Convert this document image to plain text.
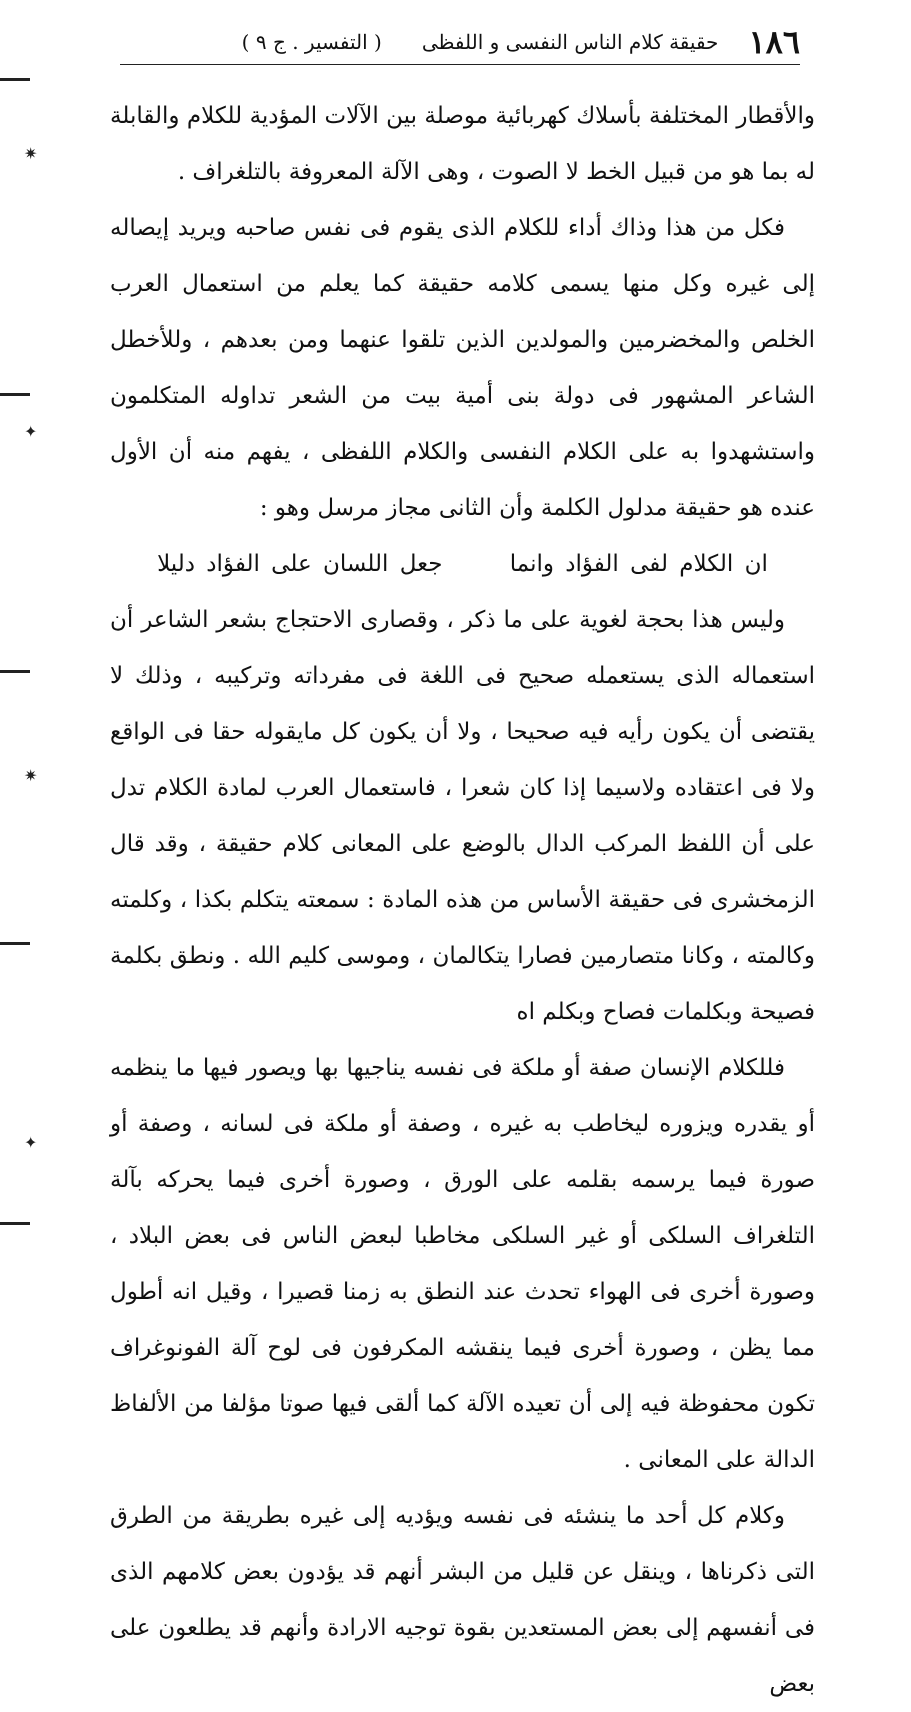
✷
✦
✷
✦
١٨٦
حقيقة كلام الناس النفسى و اللفظى
( التفسير . ج ٩ )

والأقطار المختلفة بأسلاك كهربائية موصلة بين الآلات المؤدية للكلام والقابلة له بما هو من قبيل الخط لا الصوت ، وهى الآلة المعروفة بالتلغراف .

فكل من هذا وذاك أداء للكلام الذى يقوم فى نفس صاحبه ويريد إيصاله إلى غيره وكل منها يسمى كلامه حقيقة كما يعلم من استعمال العرب الخلص والمخضرمين والمولدين الذين تلقوا عنهما ومن بعدهم ، وللأخطل الشاعر المشهور فى دولة بنى أمية بيت من الشعر تداوله المتكلمون واستشهدوا به على الكلام النفسى والكلام اللفظى ، يفهم منه أن الأول عنده هو حقيقة مدلول الكلمة وأن الثانى مجاز مرسل وهو :

ان الكلام لفى الفؤاد وانما جعل اللسان على الفؤاد دليلا

وليس هذا بحجة لغوية على ما ذكر ، وقصارى الاحتجاج بشعر الشاعر أن استعماله الذى يستعمله صحيح فى اللغة فى مفرداته وتركيبه ، وذلك لا يقتضى أن يكون رأيه فيه صحيحا ، ولا أن يكون كل مايقوله حقا فى الواقع ولا فى اعتقاده ولاسيما إذا كان شعرا ، فاستعمال العرب لمادة الكلام تدل على أن اللفظ المركب الدال بالوضع على المعانى كلام حقيقة ، وقد قال الزمخشرى فى حقيقة الأساس من هذه المادة : سمعته يتكلم بكذا ، وكلمته وكالمته ، وكانا متصارمين فصارا يتكالمان ، وموسى كليم الله . ونطق بكلمة فصيحة وبكلمات فصاح وبكلم اه

فللكلام الإنسان صفة أو ملكة فى نفسه يناجيها بها ويصور فيها ما ينظمه أو يقدره ويزوره ليخاطب به غيره ، وصفة أو ملكة فى لسانه ، وصفة أو صورة فيما يرسمه بقلمه على الورق ، وصورة أخرى فيما يحركه بآلة التلغراف السلكى أو غير السلكى مخاطبا لبعض الناس فى بعض البلاد ، وصورة أخرى فى الهواء تحدث عند النطق به زمنا قصيرا ، وقيل انه أطول مما يظن ، وصورة أخرى فيما ينقشه المكرفون فى لوح آلة الفونوغراف تكون محفوظة فيه إلى أن تعيده الآلة كما ألقى فيها صوتا مؤلفا من الألفاظ الدالة على المعانى .

وكلام كل أحد ما ينشئه فى نفسه ويؤديه إلى غيره بطريقة من الطرق التى ذكرناها ، وينقل عن قليل من البشر أنهم قد يؤدون بعض كلامهم الذى فى أنفسهم إلى بعض المستعدين بقوة توجيه الارادة وأنهم قد يطلعون على بعض
